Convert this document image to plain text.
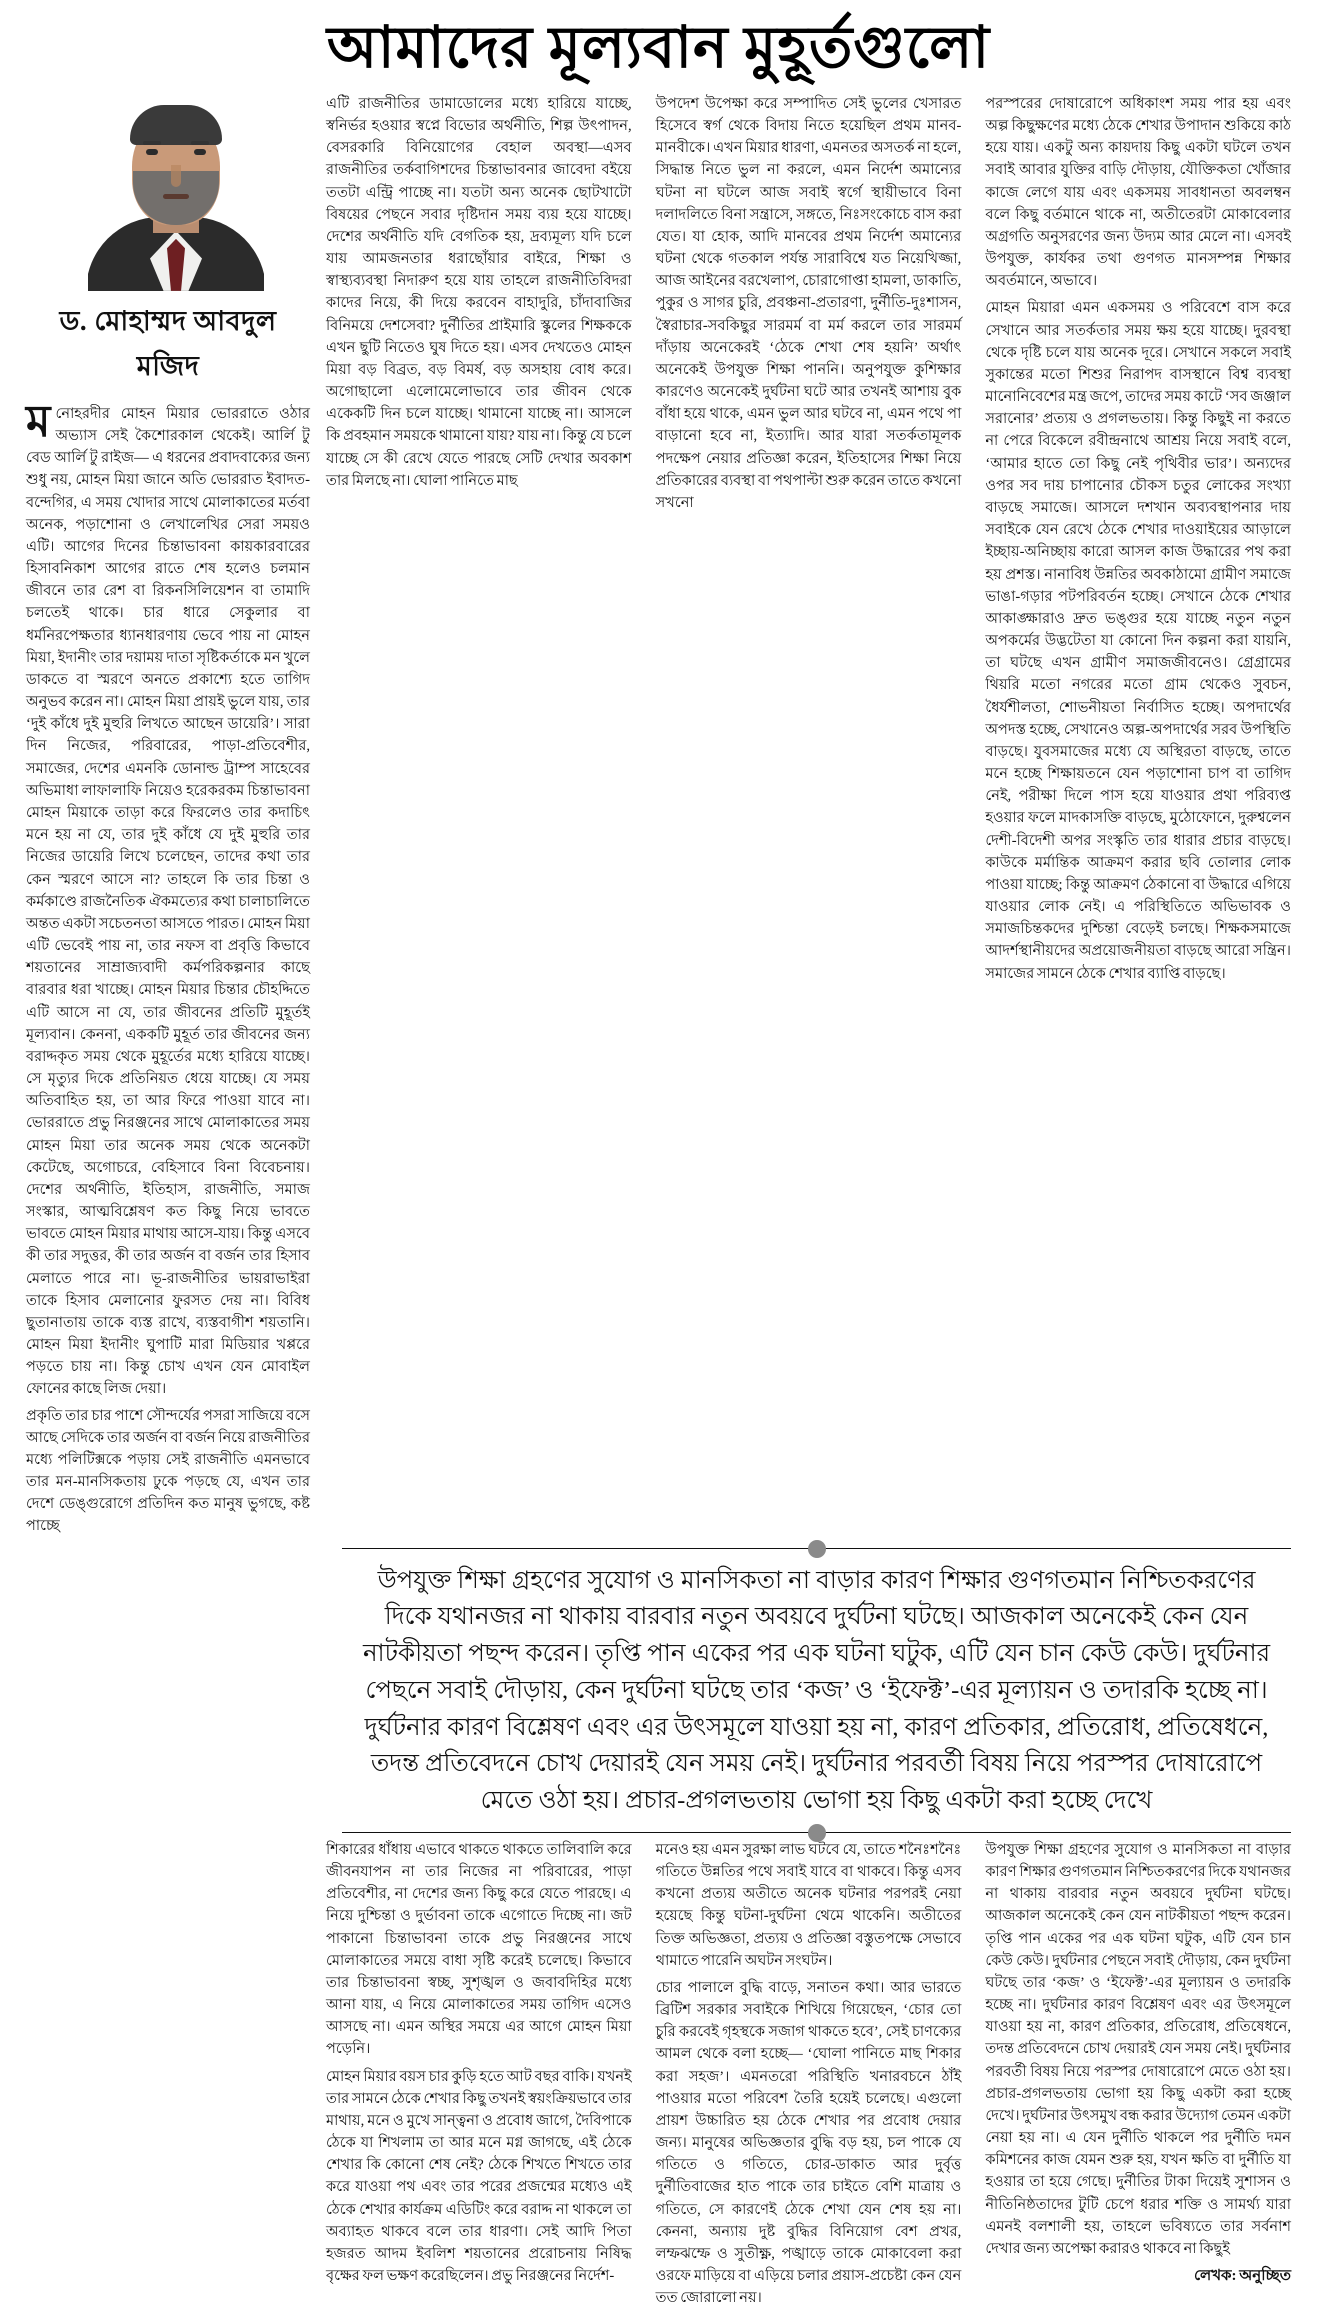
আমাদের মূল্যবান মুহূর্তগুলো
ড. মোহাম্মদ আবদুল মজিদ

মনোহরদীর মোহন মিয়ার ভোররাতে ওঠার অভ্যাস সেই কৈশোরকাল থেকেই। আর্লি টু বেড আর্লি টু রাইজ— এ ধরনের প্রবাদবাক্যের জন্য শুধু নয়, মোহন মিয়া জানে অতি ভোররাত ইবাদত-বন্দেগির, এ সময় খোদার সাথে মোলাকাতের মর্তবা অনেক, পড়াশোনা ও লেখালেখির সেরা সময়ও এটি। আগের দিনের চিন্তাভাবনা কায়কারবারের হিসাবনিকাশ আগের রাতে শেষ হলেও চলমান জীবনে তার রেশ বা রিকনসিলিয়েশন বা তামাদি চলতেই থাকে। চার ধারে সেকুলার বা ধর্মনিরপেক্ষতার ধ্যানধারণায় ভেবে পায় না মোহন মিয়া, ইদানীং তার দয়াময় দাতা সৃষ্টিকর্তাকে মন খুলে ডাকতে বা স্মরণে অনতে প্রকাশ্যে হতে তাগিদ অনুভব করেন না। মোহন মিয়া প্রায়ই ভুলে যায়, তার ‘দুই কাঁধে দুই মুহুরি লিখতে আছেন ডায়েরি’। সারা দিন নিজের, পরিবারের, পাড়া-প্রতিবেশীর, সমাজের, দেশের এমনকি ডোনাল্ড ট্রাম্প সাহেবের অভিমাধা লাফালাফি নিয়েও হরেকরকম চিন্তাভাবনা মোহন মিয়াকে তাড়া করে ফিরলেও তার কদাচিৎ মনে হয় না যে, তার দুই কাঁধে যে দুই মুহুরি তার নিজের ডায়েরি লিখে চলেছেন, তাদের কথা তার কেন স্মরণে আসে না? তাহলে কি তার চিন্তা ও কর্মকাণ্ডে রাজনৈতিক ঐকমত্যের কথা চালাচালিতে অন্তত একটা সচেতনতা আসতে পারত। মোহন মিয়া এটি ভেবেই পায় না, তার নফস বা প্রবৃত্তি কিভাবে শয়তানের সাম্রাজ্যবাদী কর্মপরিকল্পনার কাছে বারবার ধরা খাচ্ছে। মোহন মিয়ার চিন্তার চৌহদ্দিতে এটি আসে না যে, তার জীবনের প্রতিটি মুহূর্তই মূল্যবান। কেননা, এককটি মুহূর্ত তার জীবনের জন্য বরাদ্দকৃত সময় থেকে মুহূর্তের মধ্যে হারিয়ে যাচ্ছে। সে মৃত্যুর দিকে প্রতিনিয়ত ধেয়ে যাচ্ছে। যে সময় অতিবাহিত হয়, তা আর ফিরে পাওয়া যাবে না। ভোররাতে প্রভু নিরঞ্জনের সাথে মোলাকাতের সময় মোহন মিয়া তার অনেক সময় থেকে অনেকটা কেটেছে, অগোচরে, বেহিসাবে বিনা বিবেচনায়। দেশের অর্থনীতি, ইতিহাস, রাজনীতি, সমাজ সংস্কার, আত্মবিশ্লেষণ কত কিছু নিয়ে ভাবতে ভাবতে মোহন মিয়ার মাথায় আসে-যায়। কিন্তু এসবে কী তার সদুত্তর, কী তার অর্জন বা বর্জন তার হিসাব মেলাতে পারে না। ভূ-রাজনীতির ভায়রাভাইরা তাকে হিসাব মেলানোর ফুরসত দেয় না। বিবিধ ছুতানাতায় তাকে ব্যস্ত রাখে, ব্যস্তবাগীশ শয়তানি। মোহন মিয়া ইদানীং ঘুপাটি মারা মিডিয়ার খপ্পরে পড়তে চায় না। কিন্তু চোখ এখন যেন মোবাইল ফোনের কাছে লিজ দেয়া।

প্রকৃতি তার চার পাশে সৌন্দর্যের পসরা সাজিয়ে বসে আছে সেদিকে তার অর্জন বা বর্জন নিয়ে রাজনীতির মধ্যে পলিটিক্সকে পড়ায় সেই রাজনীতি এমনভাবে তার মন-মানসিকতায় ঢুকে পড়ছে যে, এখন তার দেশে ডেঙ্গুরোগে প্রতিদিন কত মানুষ ভুগছে, কষ্ট পাচ্ছে

এটি রাজনীতির ডামাডোলের মধ্যে হারিয়ে যাচ্ছে, স্বনির্ভর হওয়ার স্বপ্নে বিভোর অর্থনীতি, শিল্প উৎপাদন, বেসরকারি বিনিয়োগের বেহাল অবস্থা—এসব রাজনীতির তর্কবাগিশদের চিন্তাভাবনার জাবেদা বইয়ে ততটা এন্ট্রি পাচ্ছে না। যতটা অন্য অনেক ছোটখাটো বিষয়ের পেছনে সবার দৃষ্টিদান সময় ব্যয় হয়ে যাচ্ছে। দেশের অর্থনীতি যদি বেগতিক হয়, দ্রব্যমূল্য যদি চলে যায় আমজনতার ধরাছোঁয়ার বাইরে, শিক্ষা ও স্বাস্থ্যব্যবস্থা নিদারুণ হয়ে যায় তাহলে রাজনীতিবিদরা কাদের নিয়ে, কী দিয়ে করবেন বাহাদুরি, চাঁদাবাজির বিনিময়ে দেশসেবা? দুর্নীতির প্রাইমারি স্কুলের শিক্ষককে এখন ছুটি নিতেও ঘুষ দিতে হয়। এসব দেখতেও মোহন মিয়া বড় বিব্রত, বড় বিমর্ষ, বড় অসহায় বোধ করে। অগোছালো এলোমেলোভাবে তার জীবন থেকে একেকটি দিন চলে যাচ্ছে। থামানো যাচ্ছে না। আসলে কি প্রবহমান সময়কে থামানো যায়? যায় না। কিন্তু যে চলে যাচ্ছে সে কী রেখে যেতে পারছে সেটি দেখার অবকাশ তার মিলছে না। ঘোলা পানিতে মাছ

উপদেশ উপেক্ষা করে সম্পাদিত সেই ভুলের খেসারত হিসেবে স্বর্গ থেকে বিদায় নিতে হয়েছিল প্রথম মানব-মানবীকে। এখন মিয়ার ধারণা, এমনতর অসতর্ক না হলে, সিদ্ধান্ত নিতে ভুল না করলে, এমন নির্দেশ অমান্যের ঘটনা না ঘটলে আজ সবাই স্বর্গে স্থায়ীভাবে বিনা দলাদলিতে বিনা সন্ত্রাসে, সঙ্গতে, নিঃসংকোচে বাস করা যেত। যা হোক, আদি মানবের প্রথম নির্দেশ অমান্যের ঘটনা থেকে গতকাল পর্যন্ত সারাবিশ্বে যত নিয়েখিজ্জা, আজ আইনের বরখেলাপ, চোরাগোপ্তা হামলা, ডাকাতি, পুকুর ও সাগর চুরি, প্রবঞ্চনা-প্রতারণা, দুর্নীতি-দুঃশাসন, স্বৈরাচার-সবকিছুর সারমর্ম বা মর্ম করলে তার সারমর্ম দাঁড়ায় অনেকেরই ‘ঠেকে শেখা শেষ হয়নি’ অর্থাৎ অনেকেই উপযুক্ত শিক্ষা পাননি। অনুপযুক্ত কুশিক্ষার কারণেও অনেকেই দুর্ঘটনা ঘটে আর তখনই আশায় বুক বাঁধা হয়ে থাকে, এমন ভুল আর ঘটবে না, এমন পথে পা বাড়ানো হবে না, ইত্যাদি। আর যারা সতর্কতামূলক পদক্ষেপ নেয়ার প্রতিজ্ঞা করেন, ইতিহাসের শিক্ষা নিয়ে প্রতিকারের ব্যবস্থা বা পথপাল্টা শুরু করেন তাতে কখনো সখনো

পরস্পরের দোষারোপে অধিকাংশ সময় পার হয় এবং অল্প কিছুক্ষণের মধ্যে ঠেকে শেখার উপাদান শুকিয়ে কাঠ হয়ে যায়। একটু অন্য কায়দায় কিছু একটা ঘটলে তখন সবাই আবার যুক্তির বাড়ি দৌড়ায়, যৌক্তিকতা খোঁজার কাজে লেগে যায় এবং একসময় সাবধানতা অবলম্বন বলে কিছু বর্তমানে থাকে না, অতীতেরটা মোকাবেলার অগ্রগতি অনুসরণের জন্য উদ্যম আর মেলে না। এসবই উপযুক্ত, কার্যকর তথা গুণগত মানসম্পন্ন শিক্ষার অবর্তমানে, অভাবে।

মোহন মিয়ারা এমন একসময় ও পরিবেশে বাস করে সেখানে আর সতর্কতার সময় ক্ষয় হয়ে যাচ্ছে। দুরবস্থা থেকে দৃষ্টি চলে যায় অনেক দূরে। সেখানে সকলে সবাই সুকান্তের মতো শিশুর নিরাপদ বাসস্থানে বিশ্ব ব্যবস্থা মানোনিবেশের মন্ত্র জপে, তাদের সময় কাটে ‘সব জঞ্জাল সরানোর’ প্রত্যয় ও প্রগলভতায়। কিন্তু কিছুই না করতে না পেরে বিকেলে রবীন্দ্রনাথে আশ্রয় নিয়ে সবাই বলে, ‘আমার হাতে তো কিছু নেই পৃথিবীর ভার’। অন্যদের ওপর সব দায় চাপানোর চৌকস চতুর লোকের সংখ্যা বাড়ছে সমাজে। আসলে দশখান অব্যবস্থাপনার দায় সবাইকে যেন রেখে ঠেকে শেখার দাওয়াইয়ের আড়ালে ইচ্ছায়-অনিচ্ছায় কারো আসল কাজ উদ্ধারের পথ করা হয় প্রশস্ত। নানাবিধ উন্নতির অবকাঠামো গ্রামীণ সমাজে ভাঙা-গড়ার পটপরিবর্তন হচ্ছে। সেখানে ঠেকে শেখার আকাঙ্ক্ষারাও দ্রুত ভঙ্গুর হয়ে যাচ্ছে নতুন নতুন অপকর্মের উদ্ভটেতা যা কোনো দিন কল্পনা করা যায়নি, তা ঘটছে এখন গ্রামীণ সমাজজীবনেও। গ্রেগ্রামের থিয়রি মতো নগরের মতো গ্রাম থেকেও সুবচন, ধৈর্যশীলতা, শোভনীয়তা নির্বাসিত হচ্ছে। অপদার্থের অপদস্ত হচ্ছে, সেখানেও অল্প-অপদার্থের সরব উপস্থিতি বাড়ছে। যুবসমাজের মধ্যে যে অস্থিরতা বাড়ছে, তাতে মনে হচ্ছে শিক্ষায়তনে যেন পড়াশোনা চাপ বা তাগিদ নেই, পরীক্ষা দিলে পাস হয়ে যাওয়ার প্রথা পরিব্যপ্ত হওয়ার ফলে মাদকাসক্তি বাড়ছে, মুঠোফোনে, দুরুশ্বলেন দেশী-বিদেশী অপর সংস্কৃতি তার ধারার প্রচার বাড়ছে। কাউকে মর্মান্তিক আক্রমণ করার ছবি তোলার লোক পাওয়া যাচ্ছে; কিন্তু আক্রমণ ঠেকানো বা উদ্ধারে এগিয়ে যাওয়ার লোক নেই। এ পরিস্থিতিতে অভিভাবক ও সমাজচিন্তকদের দুশ্চিন্তা বেড়েই চলছে। শিক্ষকসমাজে আদর্শস্থানীয়দের অপ্রয়োজনীয়তা বাড়ছে আরো সন্ত্রিন। সমাজের সামনে ঠেকে শেখার ব্যাপ্তি বাড়ছে।

উপযুক্ত শিক্ষা গ্রহণের সুযোগ ও মানসিকতা না বাড়ার কারণ শিক্ষার গুণগতমান নিশ্চিতকরণের দিকে যথানজর না থাকায় বারবার নতুন অবয়বে দুর্ঘটনা ঘটছে। আজকাল অনেকেই কেন যেন নাটকীয়তা পছন্দ করেন। তৃপ্তি পান একের পর এক ঘটনা ঘটুক, এটি যেন চান কেউ কেউ। দুর্ঘটনার পেছনে সবাই দৌড়ায়, কেন দুর্ঘটনা ঘটছে তার ‘কজ’ ও ‘ইফেক্ট’-এর মূল্যায়ন ও তদারকি হচ্ছে না। দুর্ঘটনার কারণ বিশ্লেষণ এবং এর উৎসমূলে যাওয়া হয় না, কারণ প্রতিকার, প্রতিরোধ, প্রতিষেধনে, তদন্ত প্রতিবেদনে চোখ দেয়ারই যেন সময় নেই। দুর্ঘটনার পরবর্তী বিষয় নিয়ে পরস্পর দোষারোপে মেতে ওঠা হয়। প্রচার-প্রগলভতায় ভোগা হয় কিছু একটা করা হচ্ছে দেখে

শিকারের ধাঁধায় এভাবে থাকতে থাকতে তালিবালি করে জীবনযাপন না তার নিজের না পরিবারের, পাড়া প্রতিবেশীর, না দেশের জন্য কিছু করে যেতে পারছে। এ নিয়ে দুশ্চিন্তা ও দুর্ভাবনা তাকে এগোতে দিচ্ছে না। জট পাকানো চিন্তাভাবনা তাকে প্রভু নিরঞ্জনের সাথে মোলাকাতের সময়ে বাধা সৃষ্টি করেই চলেছে। কিভাবে তার চিন্তাভাবনা স্বচ্ছ, সুশৃঙ্খল ও জবাবদিহির মধ্যে আনা যায়, এ নিয়ে মোলাকাতের সময় তাগিদ এসেও আসছে না। এমন অস্থির সময়ে এর আগে মোহন মিয়া পড়েনি।

মোহন মিয়ার বয়স চার কুড়ি হতে আট বছর বাকি। যখনই তার সামনে ঠেকে শেখার কিছু তখনই স্বয়ংক্রিয়ভাবে তার মাথায়, মনে ও মুখে সান্ত্বনা ও প্রবোধ জাগে, দৈবিপাকে ঠেকে যা শিখলাম তা আর মনে মগ্ন জাগছে, এই ঠেকে শেখার কি কোনো শেষ নেই? ঠেকে শিখতে শিখতে তার করে যাওয়া পথ এবং তার পরের প্রজন্মের মধ্যেও এই ঠেকে শেখার কার্যক্রম এডিটিং করে বরাদ্দ না থাকলে তা অব্যাহত থাকবে বলে তার ধারণা। সেই আদি পিতা হজরত আদম ইবলিশ শয়তানের প্ররোচনায় নিষিদ্ধ বৃক্ষের ফল ভক্ষণ করেছিলেন। প্রভু নিরঞ্জনের নির্দেশ-

মনেও হয় এমন সুরক্ষা লাভ ঘটবে যে, তাতে শনৈঃশনৈঃ গতিতে উন্নতির পথে সবাই যাবে বা থাকবে। কিন্তু এসব কখনো প্রত্যয় অতীতে অনেক ঘটনার পরপরই নেয়া হয়েছে কিন্তু ঘটনা-দুর্ঘটনা থেমে থাকেনি। অতীতের তিক্ত অভিজ্ঞতা, প্রত্যয় ও প্রতিজ্ঞা বস্তুতপক্ষে সেভাবে থামাতে পারেনি অঘটন সংঘটন।

চোর পালালে বুদ্ধি বাড়ে, সনাতন কথা। আর ভারতে ব্রিটিশ সরকার সবাইকে শিখিয়ে গিয়েছেন, ‘চোর তো চুরি করবেই গৃহস্থকে সজাগ থাকতে হবে’, সেই চাণক্যের আমল থেকে বলা হচ্ছে— ‘ঘোলা পানিতে মাছ শিকার করা সহজ’। এমনতরো পরিস্থিতি খনারবচনে ঠাঁই পাওয়ার মতো পরিবেশ তৈরি হয়েই চলেছে। এগুলো প্রায়শ উচ্চারিত হয় ঠেকে শেখার পর প্রবোধ দেয়ার জন্য। মানুষের অভিজ্ঞতার বুদ্ধি বড় হয়, চল পাকে যে গতিতে ও গতিতে, চোর-ডাকাত আর দুর্বৃত্ত দুর্নীতিবাজের হাত পাকে তার চাইতে বেশি মাত্রায় ও গতিতে, সে কারণেই ঠেকে শেখা যেন শেষ হয় না। কেননা, অন্যায় দুষ্ট বুদ্ধির বিনিয়োগ বেশ প্রখর, লম্ফঝম্ফে ও সুতীক্ষ্ণ, পঙ্খাড়ে তাকে মোকাবেলা করা ওরফে মাড়িয়ে বা এড়িয়ে চলার প্রয়াস-প্রচেষ্টা কেন যেন তত জোরালো নয়।

উপযুক্ত শিক্ষা গ্রহণের সুযোগ ও মানসিকতা না বাড়ার কারণ শিক্ষার গুণগতমান নিশ্চিতকরণের দিকে যথানজর না থাকায় বারবার নতুন অবয়বে দুর্ঘটনা ঘটছে। আজকাল অনেকেই কেন যেন নাটকীয়তা পছন্দ করেন। তৃপ্তি পান একের পর এক ঘটনা ঘটুক, এটি যেন চান কেউ কেউ। দুর্ঘটনার পেছনে সবাই দৌড়ায়, কেন দুর্ঘটনা ঘটছে তার ‘কজ’ ও ‘ইফেক্ট’-এর মূল্যায়ন ও তদারকি হচ্ছে না। দুর্ঘটনার কারণ বিশ্লেষণ এবং এর উৎসমূলে যাওয়া হয় না, কারণ প্রতিকার, প্রতিরোধ, প্রতিষেধনে, তদন্ত প্রতিবেদনে চোখ দেয়ারই যেন সময় নেই। দুর্ঘটনার পরবর্তী বিষয় নিয়ে পরস্পর দোষারোপে মেতে ওঠা হয়। প্রচার-প্রগলভতায় ভোগা হয় কিছু একটা করা হচ্ছে দেখে। দুর্ঘটনার উৎসমুখ বন্ধ করার উদ্যোগ তেমন একটা নেয়া হয় না। এ যেন দুর্নীতি থাকলে পর দুর্নীতি দমন কমিশনের কাজ যেমন শুরু হয়, যখন ক্ষতি বা দুর্নীতি যা হওয়ার তা হয়ে গেছে। দুর্নীতির টাকা দিয়েই সুশাসন ও নীতিনিষ্ঠতাদের টুটি চেপে ধরার শক্তি ও সামর্থ্য যারা এমনই বলশালী হয়, তাহলে ভবিষ্যতে তার সর্বনাশ দেখার জন্য অপেক্ষা করারও থাকবে না কিছুই

লেখক: অনুচ্ছিত
